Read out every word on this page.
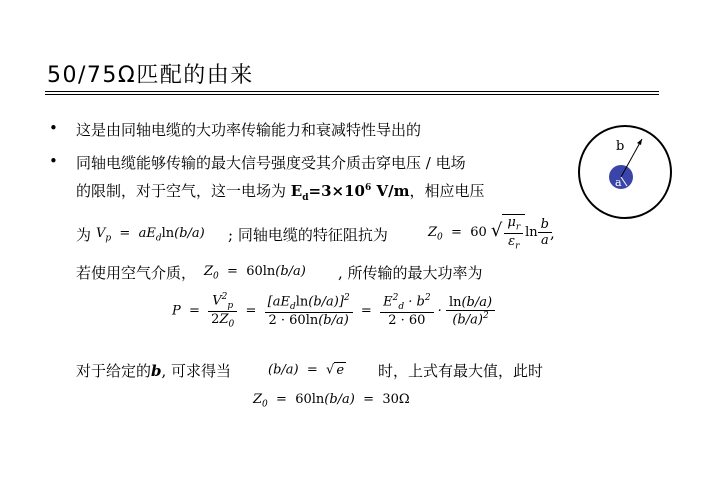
50/75Ω匹配的由来
b
a
• 这是由同轴电缆的大功率传输能力和衰减特性导出的
• 同轴电缆能够传输的最大信号强度受其介质击穿电压 / 电场
的限制，对于空气，这一电场为 $E_d=3\times 10^6$ V/m，相应电压
为 $V_p = aE_d\ln(b/a)$ ; 同轴电缆的特征阻抗为	$Z_0 = 60$ √ $\frac{\mu_r}{\varepsilon_r}$ $\ln \frac{b}{a}$
,
若使用空气介质， $Z_0 = 60\ln(b/a)$ , 所传输的最大功率为
$P = \frac{V^2_p}{2Z_0} = \frac{[aE_d\ln(b/a)]^2}{2 \cdot 60\ln(b/a)} = \frac{E^2_d \cdot b^2}{2 \cdot 60} \cdot \frac{\ln(b/a)}{(b/a)^2}$
对于给定的b, 可求得当	(b/a)  =  √ e 时，上式有最大值，此时
$Z_0 = 60\ln(b/a) = 30\Omega$
